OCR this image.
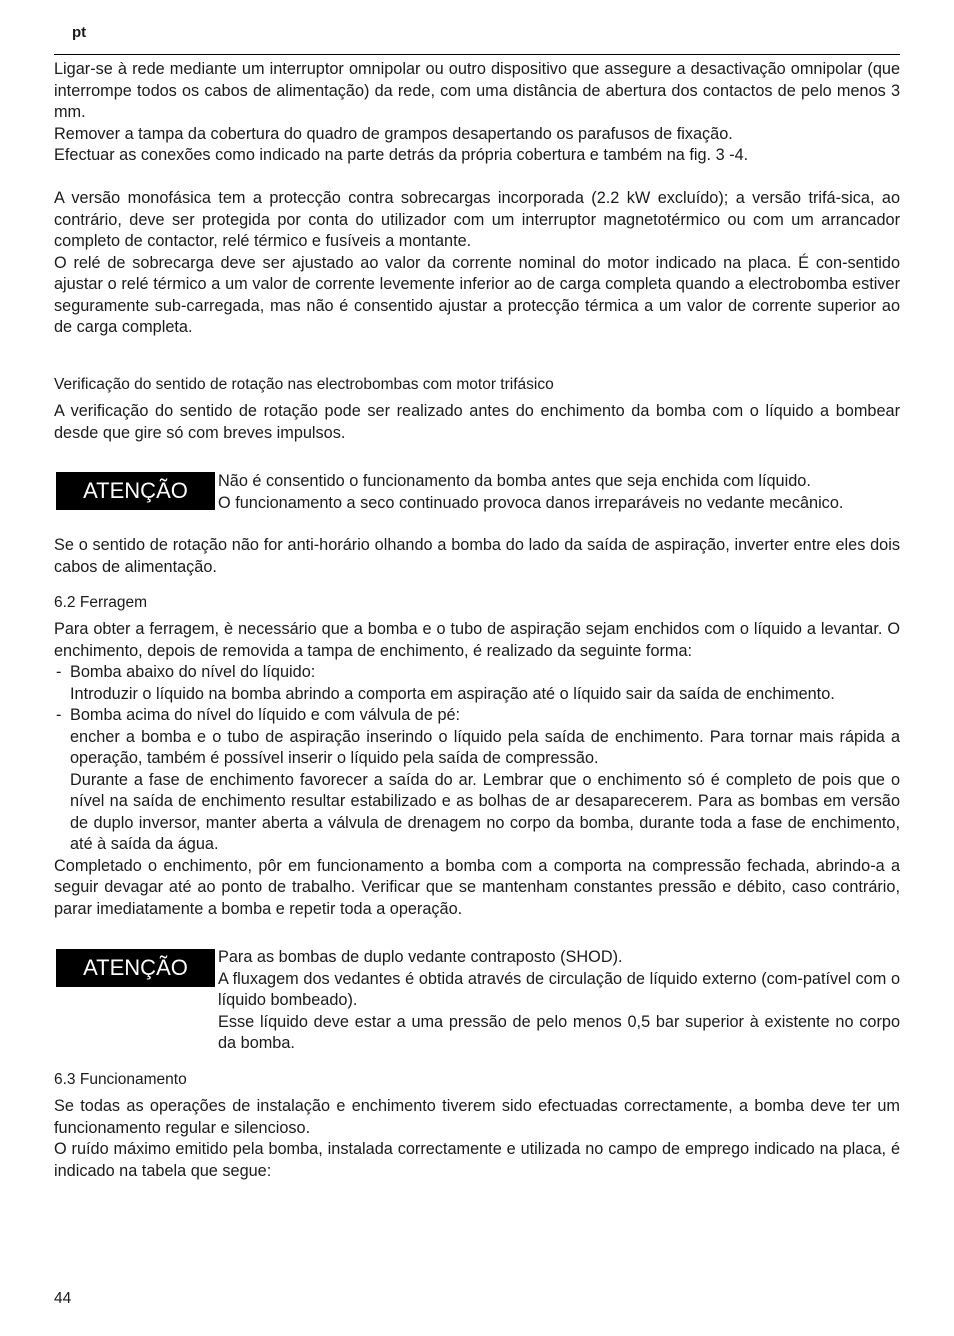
pt

Ligar-se à rede mediante um interruptor omnipolar ou outro dispositivo que assegure a desactivação omnipolar (que interrompe todos os cabos de alimentação) da rede, com uma distância de abertura dos contactos de pelo menos 3 mm.

Remover a tampa da cobertura do quadro de grampos desapertando os parafusos de fixação.

Efectuar as conexões como indicado na parte detrás da própria cobertura e também na fig. 3 -4.

A versão monofásica tem a protecção contra sobrecargas incorporada (2.2 kW excluído); a versão trifá-sica, ao contrário, deve ser protegida por conta do utilizador com um interruptor magnetotérmico ou com um arrancador completo de contactor, relé térmico e fusíveis a montante.

O relé de sobrecarga deve ser ajustado ao valor da corrente nominal do motor indicado na placa. É con-sentido ajustar o relé térmico a um valor de corrente levemente inferior ao de carga completa quando a electrobomba estiver seguramente sub-carregada, mas não é consentido ajustar a protecção térmica a um valor de corrente superior ao de carga completa.

Verificação do sentido de rotação nas electrobombas com motor trifásico

A verificação do sentido de rotação pode ser realizado antes do enchimento da bomba com o líquido a bombear desde que gire só com breves impulsos.

ATENÇÃO	Não é consentido o funcionamento da bomba antes que seja enchida com líquido.

O funcionamento a seco continuado provoca danos irreparáveis no vedante mecânico.

Se o sentido de rotação não for anti-horário olhando a bomba do lado da saída de aspiração, inverter entre eles dois cabos de alimentação.

6.2 Ferragem

Para obter a ferragem, è necessário que a bomba e o tubo de aspiração sejam enchidos com o líquido a levantar. O enchimento, depois de removida a tampa de enchimento, é realizado da seguinte forma:

- Bomba abaixo do nível do líquido:

Introduzir o líquido na bomba abrindo a comporta em aspiração até o líquido sair da saída de enchimento.

- Bomba acima do nível do líquido e com válvula de pé:

encher a bomba e o tubo de aspiração inserindo o líquido pela saída de enchimento. Para tornar mais rápida a operação, também é possível inserir o líquido pela saída de compressão.

Durante a fase de enchimento favorecer a saída do ar. Lembrar que o enchimento só é completo de pois que o nível na saída de enchimento resultar estabilizado e as bolhas de ar desaparecerem. Para as bombas em versão de duplo inversor, manter aberta a válvula de drenagem no corpo da bomba, durante toda a fase de enchimento, até à saída da água.

Completado o enchimento, pôr em funcionamento a bomba com a comporta na compressão fechada, abrindo-a a seguir devagar até ao ponto de trabalho. Verificar que se mantenham constantes pressão e débito, caso contrário, parar imediatamente a bomba e repetir toda a operação.

ATENÇÃO	Para as bombas de duplo vedante contraposto (SHOD).

A fluxagem dos vedantes é obtida através de circulação de líquido externo (com-patível com o líquido bombeado).

Esse líquido deve estar a uma pressão de pelo menos 0,5 bar superior à existente no corpo da bomba.

6.3 Funcionamento

Se todas as operações de instalação e enchimento tiverem sido efectuadas correctamente, a bomba deve ter um funcionamento regular e silencioso.

O ruído máximo emitido pela bomba, instalada correctamente e utilizada no campo de emprego indicado na placa, é indicado na tabela que segue:

44
